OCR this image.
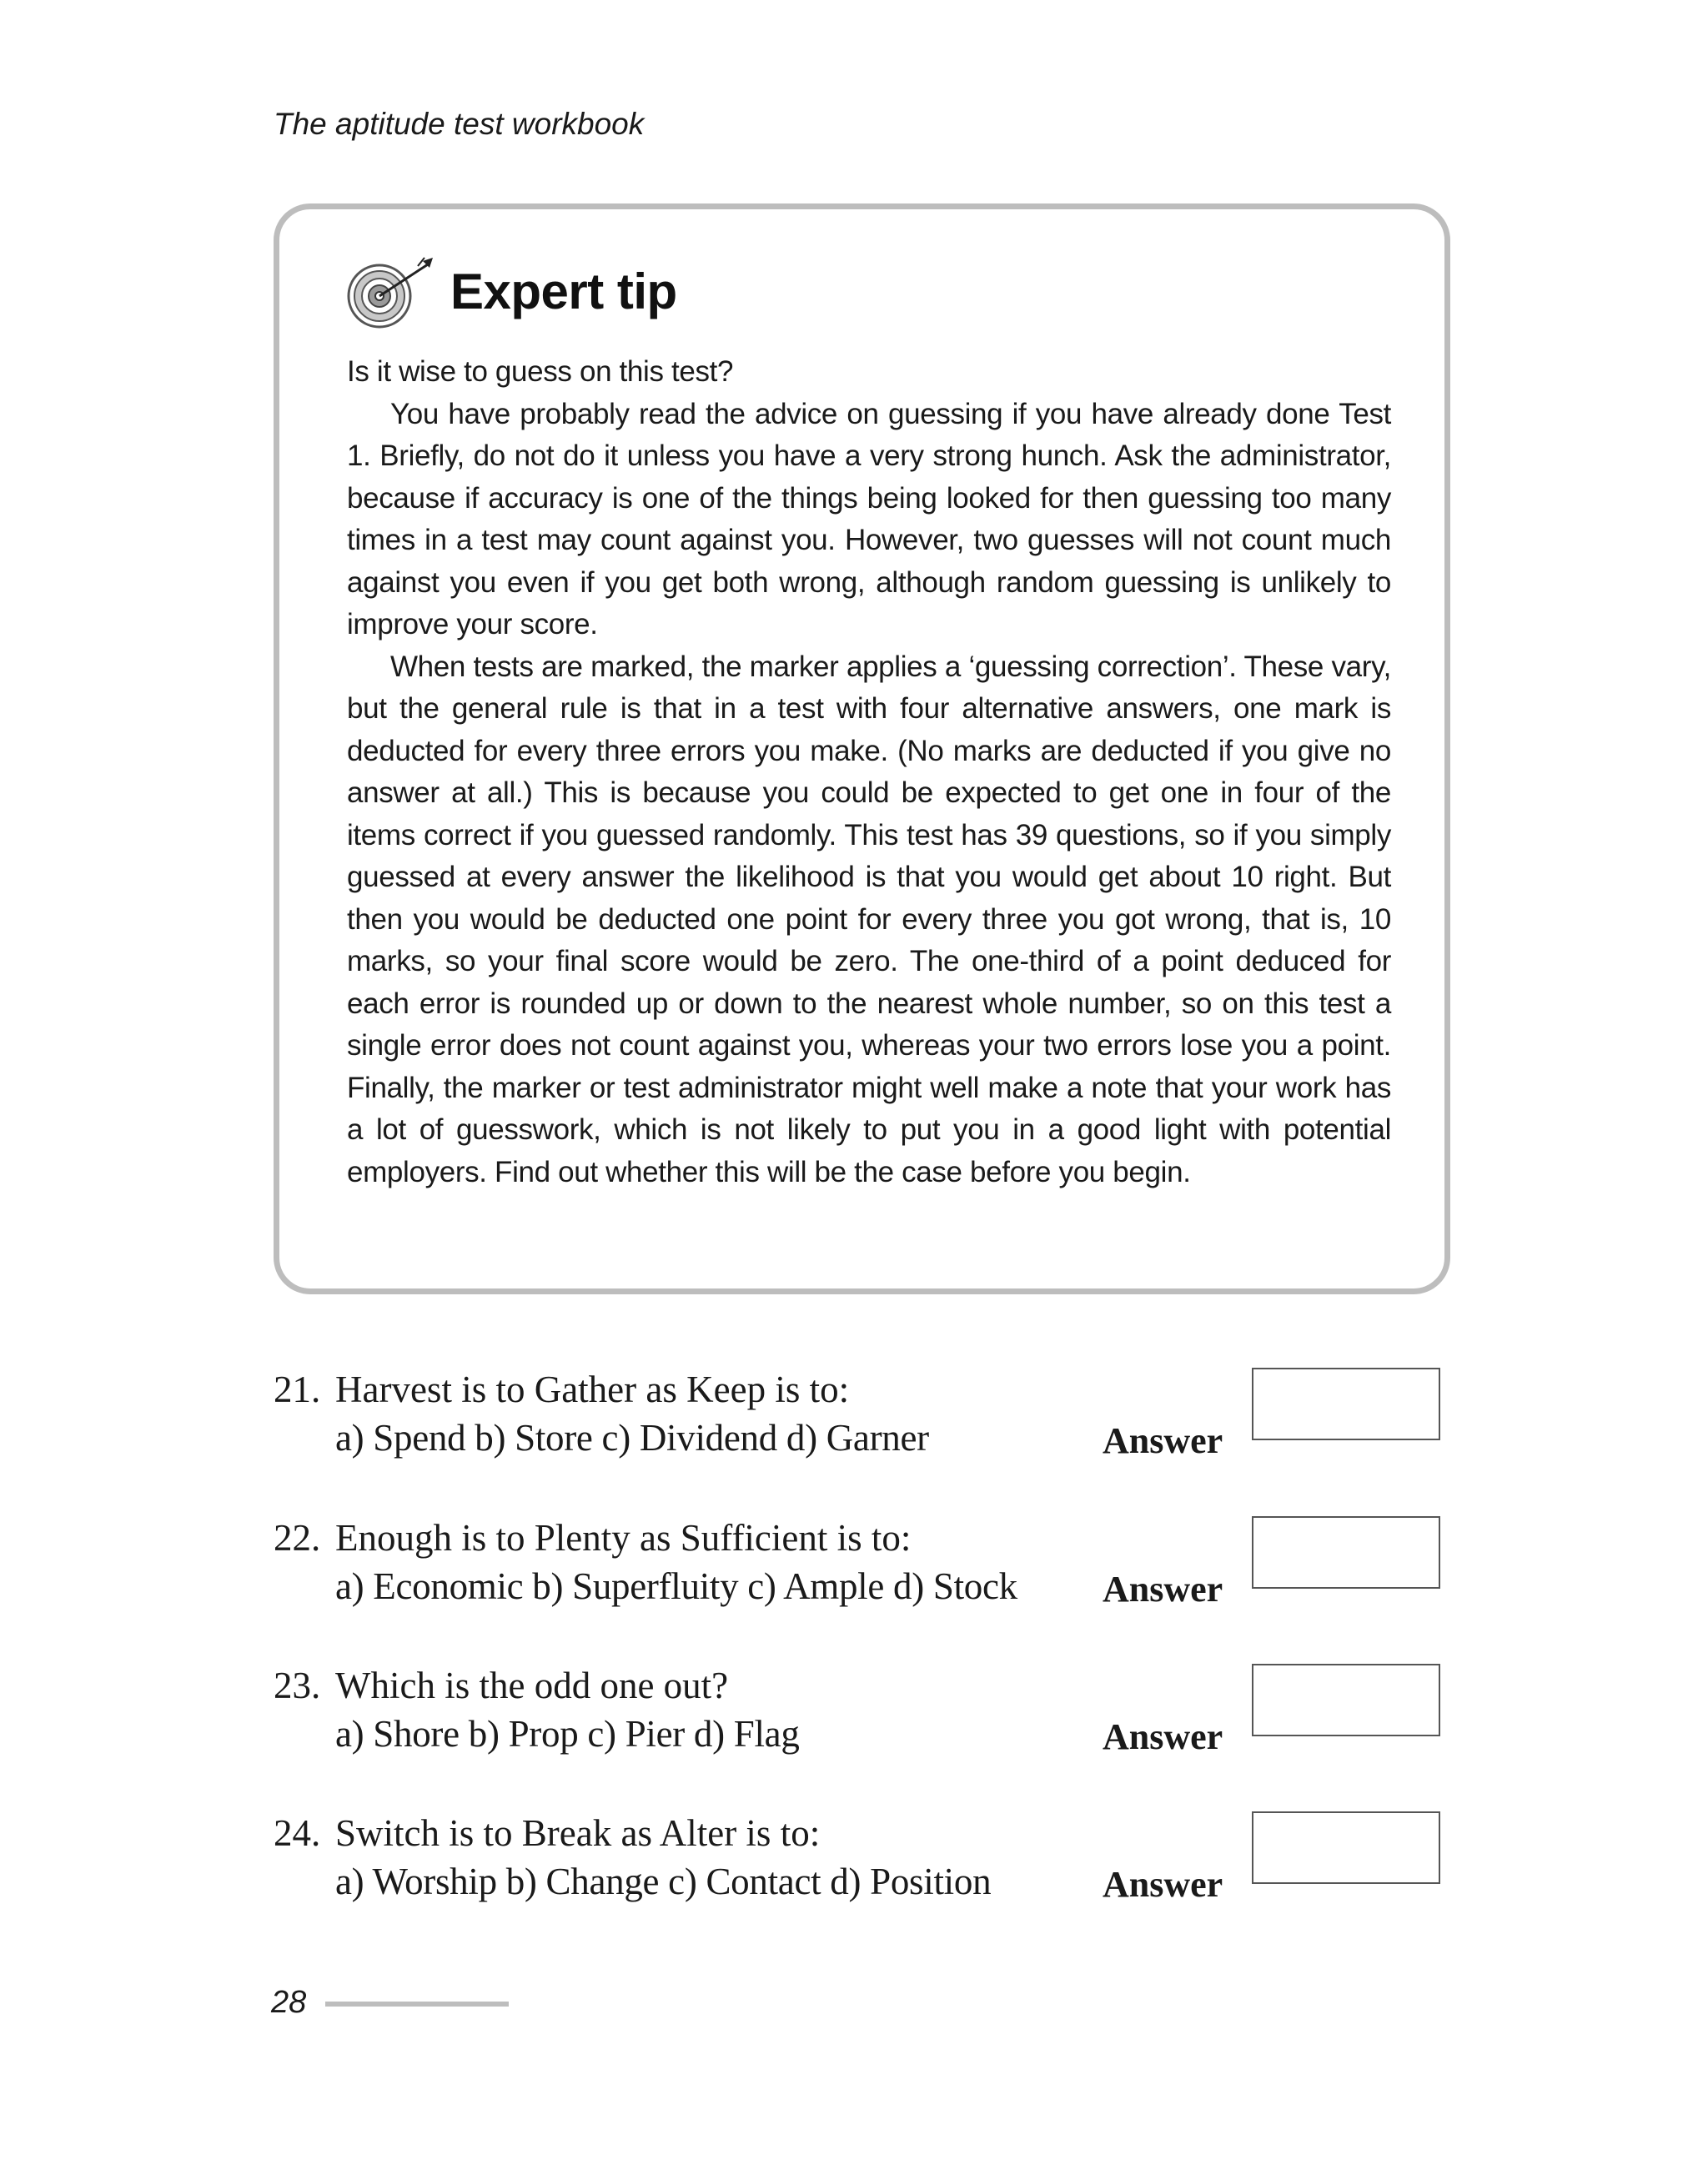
The aptitude test workbook
Expert tip

Is it wise to guess on this test?

You have probably read the advice on guessing if you have already done Test 1. Briefly, do not do it unless you have a very strong hunch. Ask the administrator, because if accuracy is one of the things being looked for then guessing too many times in a test may count against you. However, two guesses will not count much against you even if you get both wrong, although random guessing is unlikely to improve your score.

When tests are marked, the marker applies a ‘guessing correction’. These vary, but the general rule is that in a test with four alternative answers, one mark is deducted for every three errors you make. (No marks are deducted if you give no answer at all.) This is because you could be expected to get one in four of the items correct if you guessed randomly. This test has 39 questions, so if you simply guessed at every answer the likelihood is that you would get about 10 right. But then you would be deducted one point for every three you got wrong, that is, 10 marks, so your final score would be zero. The one-third of a point deduced for each error is rounded up or down to the nearest whole number, so on this test a single error does not count against you, whereas your two errors lose you a point. Finally, the marker or test administrator might well make a note that your work has a lot of guesswork, which is not likely to put you in a good light with potential employers. Find out whether this will be the case before you begin.

21. Harvest is to Gather as Keep is to:
a) Spend b) Store c) Dividend d) Garner	Answer
22. Enough is to Plenty as Sufficient is to:
a) Economic b) Superfluity c) Ample d) Stock Answer
23. Which is the odd one out?
a) Shore b) Prop c) Pier d) Flag	Answer
24. Switch is to Break as Alter is to:
a) Worship b) Change c) Contact d) Position	Answer
28
